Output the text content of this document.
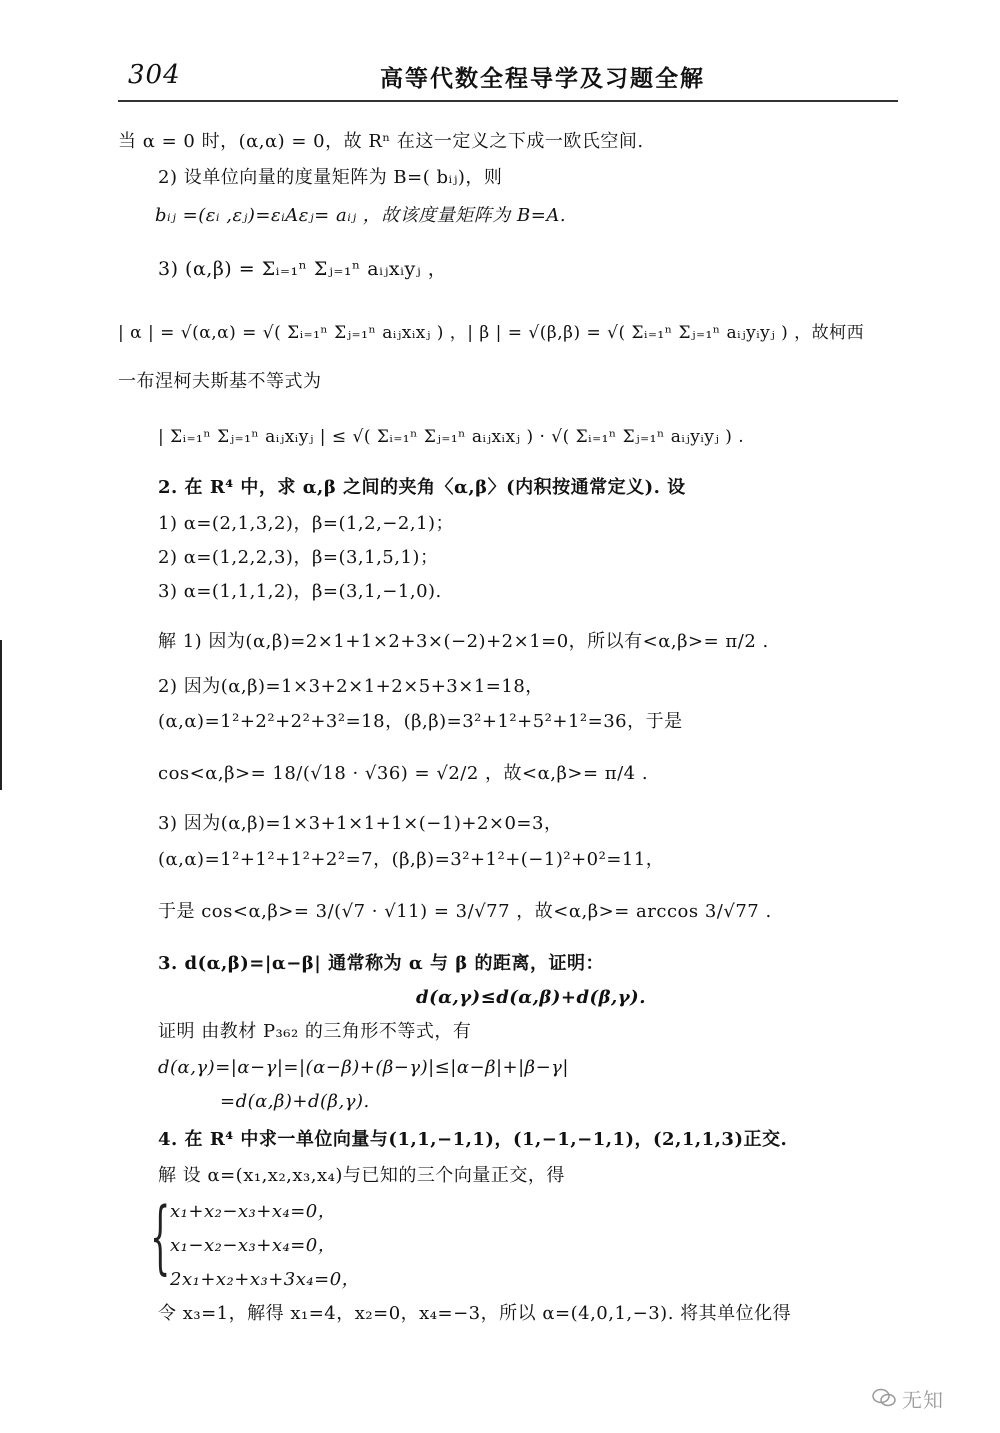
304	高等代数全程导学及习题全解
当 α = 0 时，(α,α) = 0，故 Rⁿ 在这一定义之下成一欧氏空间.
2) 设单位向量的度量矩阵为 B=( bᵢⱼ)，则
bᵢⱼ =(εᵢ ,εⱼ)=εᵢAεⱼ= aᵢⱼ ，故该度量矩阵为 B=A.
3) (α,β) = Σᵢ₌₁ⁿ Σⱼ₌₁ⁿ aᵢⱼxᵢyⱼ ，
| α | = √(α,α) = √( Σᵢ₌₁ⁿ Σⱼ₌₁ⁿ aᵢⱼxᵢxⱼ ) ，| β | = √(β,β) = √( Σᵢ₌₁ⁿ Σⱼ₌₁ⁿ aᵢⱼyᵢyⱼ ) ，故柯西
一布涅柯夫斯基不等式为
| Σᵢ₌₁ⁿ Σⱼ₌₁ⁿ aᵢⱼxᵢyⱼ | ≤ √( Σᵢ₌₁ⁿ Σⱼ₌₁ⁿ aᵢⱼxᵢxⱼ ) · √( Σᵢ₌₁ⁿ Σⱼ₌₁ⁿ aᵢⱼyᵢyⱼ ) .
2. 在 R⁴ 中，求 α,β 之间的夹角〈α,β〉(内积按通常定义). 设
1) α=(2,1,3,2)，β=(1,2,−2,1)；
2) α=(1,2,2,3)，β=(3,1,5,1)；
3) α=(1,1,1,2)，β=(3,1,−1,0).
解 1) 因为(α,β)=2×1+1×2+3×(−2)+2×1=0，所以有<α,β>= π/2 .
2) 因为(α,β)=1×3+2×1+2×5+3×1=18，
(α,α)=1²+2²+2²+3²=18，(β,β)=3²+1²+5²+1²=36，于是
cos<α,β>= 18/(√18 · √36) = √2/2 ，故<α,β>= π/4 .
3) 因为(α,β)=1×3+1×1+1×(−1)+2×0=3，
(α,α)=1²+1²+1²+2²=7，(β,β)=3²+1²+(−1)²+0²=11，
于是 cos<α,β>= 3/(√7 · √11) = 3/√77 ，故<α,β>= arccos 3/√77 .
3. d(α,β)=|α−β| 通常称为 α 与 β 的距离，证明：
d(α,γ)≤d(α,β)+d(β,γ).
证明 由教材 P₃₆₂ 的三角形不等式，有
d(α,γ)=|α−γ|=|(α−β)+(β−γ)|≤|α−β|+|β−γ|
=d(α,β)+d(β,γ).
4. 在 R⁴ 中求一单位向量与(1,1,−1,1)，(1,−1,−1,1)，(2,1,1,3)正交.
解 设 α=(x₁,x₂,x₃,x₄)与已知的三个向量正交，得
{ x₁+x₂−x₃+x₄=0，
x₁−x₂−x₃+x₄=0，
2x₁+x₂+x₃+3x₄=0，
令 x₃=1，解得 x₁=4，x₂=0，x₄=−3，所以 α=(4,0,1,−3). 将其单位化得
无知
